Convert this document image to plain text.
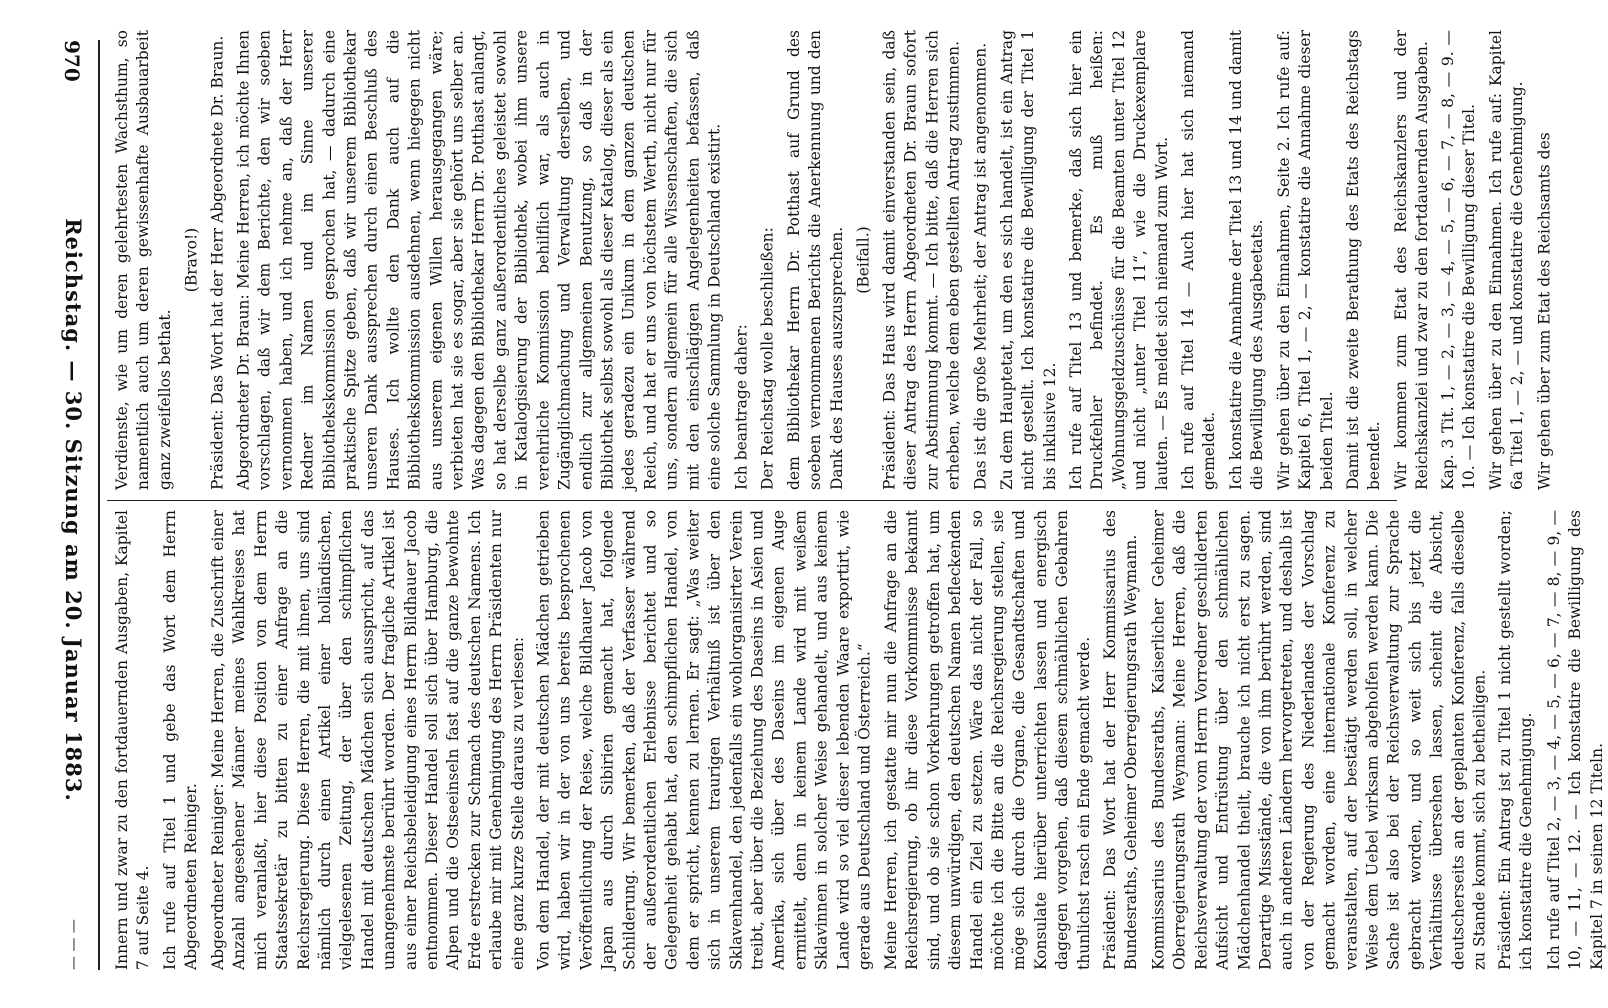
970
Reichstag. — 30. Sitzung am 20. Januar 1883.
— — —

Verdienste, wie um deren gelehrtesten Wachsthum, so namentlich auch um deren gewissenhafte Ausbauarbeit ganz zweifellos bethat.

(Bravo!) Präsident: Das Wort hat der Herr Abgeordnete Dr. Braun. Abgeordneter Dr. Braun: Meine Herren, ich möchte Ihnen vorschlagen, daß wir dem Berichte, den wir soeben vernommen haben, und ich nehme an, daß der Herr Redner im Namen und im Sinne unserer Bibliothekskommission gesprochen hat, — dadurch eine praktische Spitze geben, daß wir unserem Bibliothekar unseren Dank aussprechen durch einen Beschluß des Hauses. Ich wollte den Dank auch auf die Bibliothekskommission ausdehnen, wenn hiegegen nicht aus unserem eigenen Willen herausgegangen wäre; verbieten hat sie es sogar, aber sie gehört uns selber an. Was dagegen den Bibliothekar Herrn Dr. Potthast anlangt, so hat derselbe ganz außerordentliches geleistet sowohl in Katalogisierung der Bibliothek, wobei ihm unsere verehrliche Kommission behilflich war, als auch in Zugänglichmachung und Verwaltung derselben, und endlich zur allgemeinen Benutzung, so daß in der Bibliothek selbst sowohl als dieser Katalog, dieser als ein jedes geradezu ein Unikum in dem ganzen deutschen Reich, und hat er uns von höchstem Werth, nicht nur für uns, sondern allgemein für alle Wissenschaften, die sich mit den einschlägigen Angelegenheiten befassen, daß eine solche Sammlung in Deutschland existirt. Ich beantrage daher: Der Reichstag wolle beschließen: dem Bibliothekar Herrn Dr. Potthast auf Grund des soeben vernommenen Berichts die Anerkennung und den Dank des Hauses auszusprechen. (Beifall.) Präsident: Das Haus wird damit einverstanden sein, daß dieser Antrag des Herrn Abgeordneten Dr. Braun sofort zur Abstimmung kommt. — Ich bitte, daß die Herren sich erheben, welche dem eben gestellten Antrag zustimmen. Das ist die große Mehrheit; der Antrag ist angenommen. Zu dem Hauptetat, um den es sich handelt, ist ein Antrag nicht gestellt. Ich konstatire die Bewilligung der Titel 1 bis inklusive 12. Ich rufe auf Titel 13 und bemerke, daß sich hier ein Druckfehler befindet. Es muß heißen: „Wohnungsgeldzuschüsse für die Beamten unter Titel 12 und nicht „unter Titel 11“, wie die Druckexemplare lauten. — Es meldet sich niemand zum Wort. Ich rufe auf Titel 14 — Auch hier hat sich niemand gemeldet. Ich konstatire die Annahme der Titel 13 und 14 und damit die Bewilligung des Ausgabeetats. Wir gehen über zu den Einnahmen, Seite 2. Ich rufe auf: Kapitel 6, Titel 1, — 2, — konstatire die Annahme dieser beiden Titel. Damit ist die zweite Berathung des Etats des Reichstags beendet. Wir kommen zum Etat des Reichskanzlers und der Reichskanzlei und zwar zu den fortdauernden Ausgaben. Kap. 3 Tit. 1, — 2, — 3, — 4, — 5, — 6, — 7, — 8, — 9. — 10. — Ich konstatire die Bewilligung dieser Titel. Wir gehen über zu den Einnahmen. Ich rufe auf: Kapitel 6a Titel 1, — 2, — und konstatire die Genehmigung. Wir gehen über zum Etat des Reichsamts des

Innern und zwar zu den fortdauernden Ausgaben, Kapitel 7 auf Seite 4. Ich rufe auf Titel 1 und gebe das Wort dem Herrn Abgeordneten Reiniger. Abgeordneter Reiniger: Meine Herren, die Zuschrift einer Anzahl angesehener Männer meines Wahlkreises hat mich veranlaßt, hier diese Position von dem Herrn Staatssekretär zu bitten zu einer Anfrage an die Reichsregierung. Diese Herren, die mit ihnen, uns sind nämlich durch einen Artikel einer holländischen, vielgelesenen Zeitung, der über den schimpflichen Handel mit deutschen Mädchen sich ausspricht, auf das unangenehmste berührt worden. Der fragliche Artikel ist aus einer Reichsbeleidigung eines Herrn Bildhauer Jacob entnommen. Dieser Handel soll sich über Hamburg, die Alpen und die Ostseeinseln fast auf die ganze bewohnte Erde erstrecken zur Schmach des deutschen Namens. Ich erlaube mir mit Genehmigung des Herrn Präsidenten nur eine ganz kurze Stelle daraus zu verlesen: Von dem Handel, der mit deutschen Mädchen getrieben wird, haben wir in der von uns bereits besprochenen Veröffentlichung der Reise, welche Bildhauer Jacob von Japan aus durch Sibirien gemacht hat, folgende Schilderung. Wir bemerken, daß der Verfasser während der außerordentlichen Erlebnisse berichtet und so Gelegenheit gehabt hat, den schimpflichen Handel, von dem er spricht, kennen zu lernen. Er sagt: „Was weiter sich in unserem traurigen Verhältniß ist über den Sklavenhandel, den jedenfalls ein wohlorganisirter Verein treibt, aber über die Beziehung des Daseins in Asien und Amerika, sich über des Daseins im eigenen Auge ermittelt, denn in keinem Lande wird mit weißem Sklavinnen in solcher Weise gehandelt, und aus keinem Lande wird so viel dieser lebenden Waare exportirt, wie gerade aus Deutschland und Österreich.“ Meine Herren, ich gestatte mir nun die Anfrage an die Reichsregierung, ob ihr diese Vorkommnisse bekannt sind, und ob sie schon Vorkehrungen getroffen hat, um diesem unwürdigen, den deutschen Namen befleckenden Handel ein Ziel zu setzen. Wäre das nicht der Fall, so möchte ich die Bitte an die Reichsregierung stellen, sie möge sich durch die Organe, die Gesandtschaften und Konsulate hierüber unterrichten lassen und energisch dagegen vorgehen, daß diesem schmählichen Gebahren thunlichst rasch ein Ende gemacht werde. Präsident: Das Wort hat der Herr Kommissarius des Bundesraths, Geheimer Oberregierungsrath Weymann. Kommissarius des Bundesraths, Kaiserlicher Geheimer Oberregierungsrath Weymann: Meine Herren, daß die Reichsverwaltung der vom Herrn Vorredner geschilderten Aufsicht und Entrüstung über den schmählichen Mädchenhandel theilt, brauche ich nicht erst zu sagen. Derartige Missstände, die von ihm berührt werden, sind auch in anderen Ländern hervorgetreten, und deshalb ist von der Regierung des Niederlandes der Vorschlag gemacht worden, eine internationale Konferenz zu veranstalten, auf der bestätigt werden soll, in welcher Weise dem Uebel wirksam abgeholfen werden kann. Die Sache ist also bei der Reichsverwaltung zur Sprache gebracht worden, und so weit sich bis jetzt die Verhältnisse übersehen lassen, scheint die Absicht, deutscherseits an der geplanten Konferenz, falls dieselbe zu Stande kommt, sich zu betheiligen. Präsident: Ein Antrag ist zu Titel 1 nicht gestellt worden; ich konstatire die Genehmigung. Ich rufe auf Titel 2, — 3, — 4, — 5, — 6, — 7, — 8, — 9, — 10, — 11, — 12. — Ich konstatire die Bewilligung des Kapitel 7 in seinen 12 Titeln.
